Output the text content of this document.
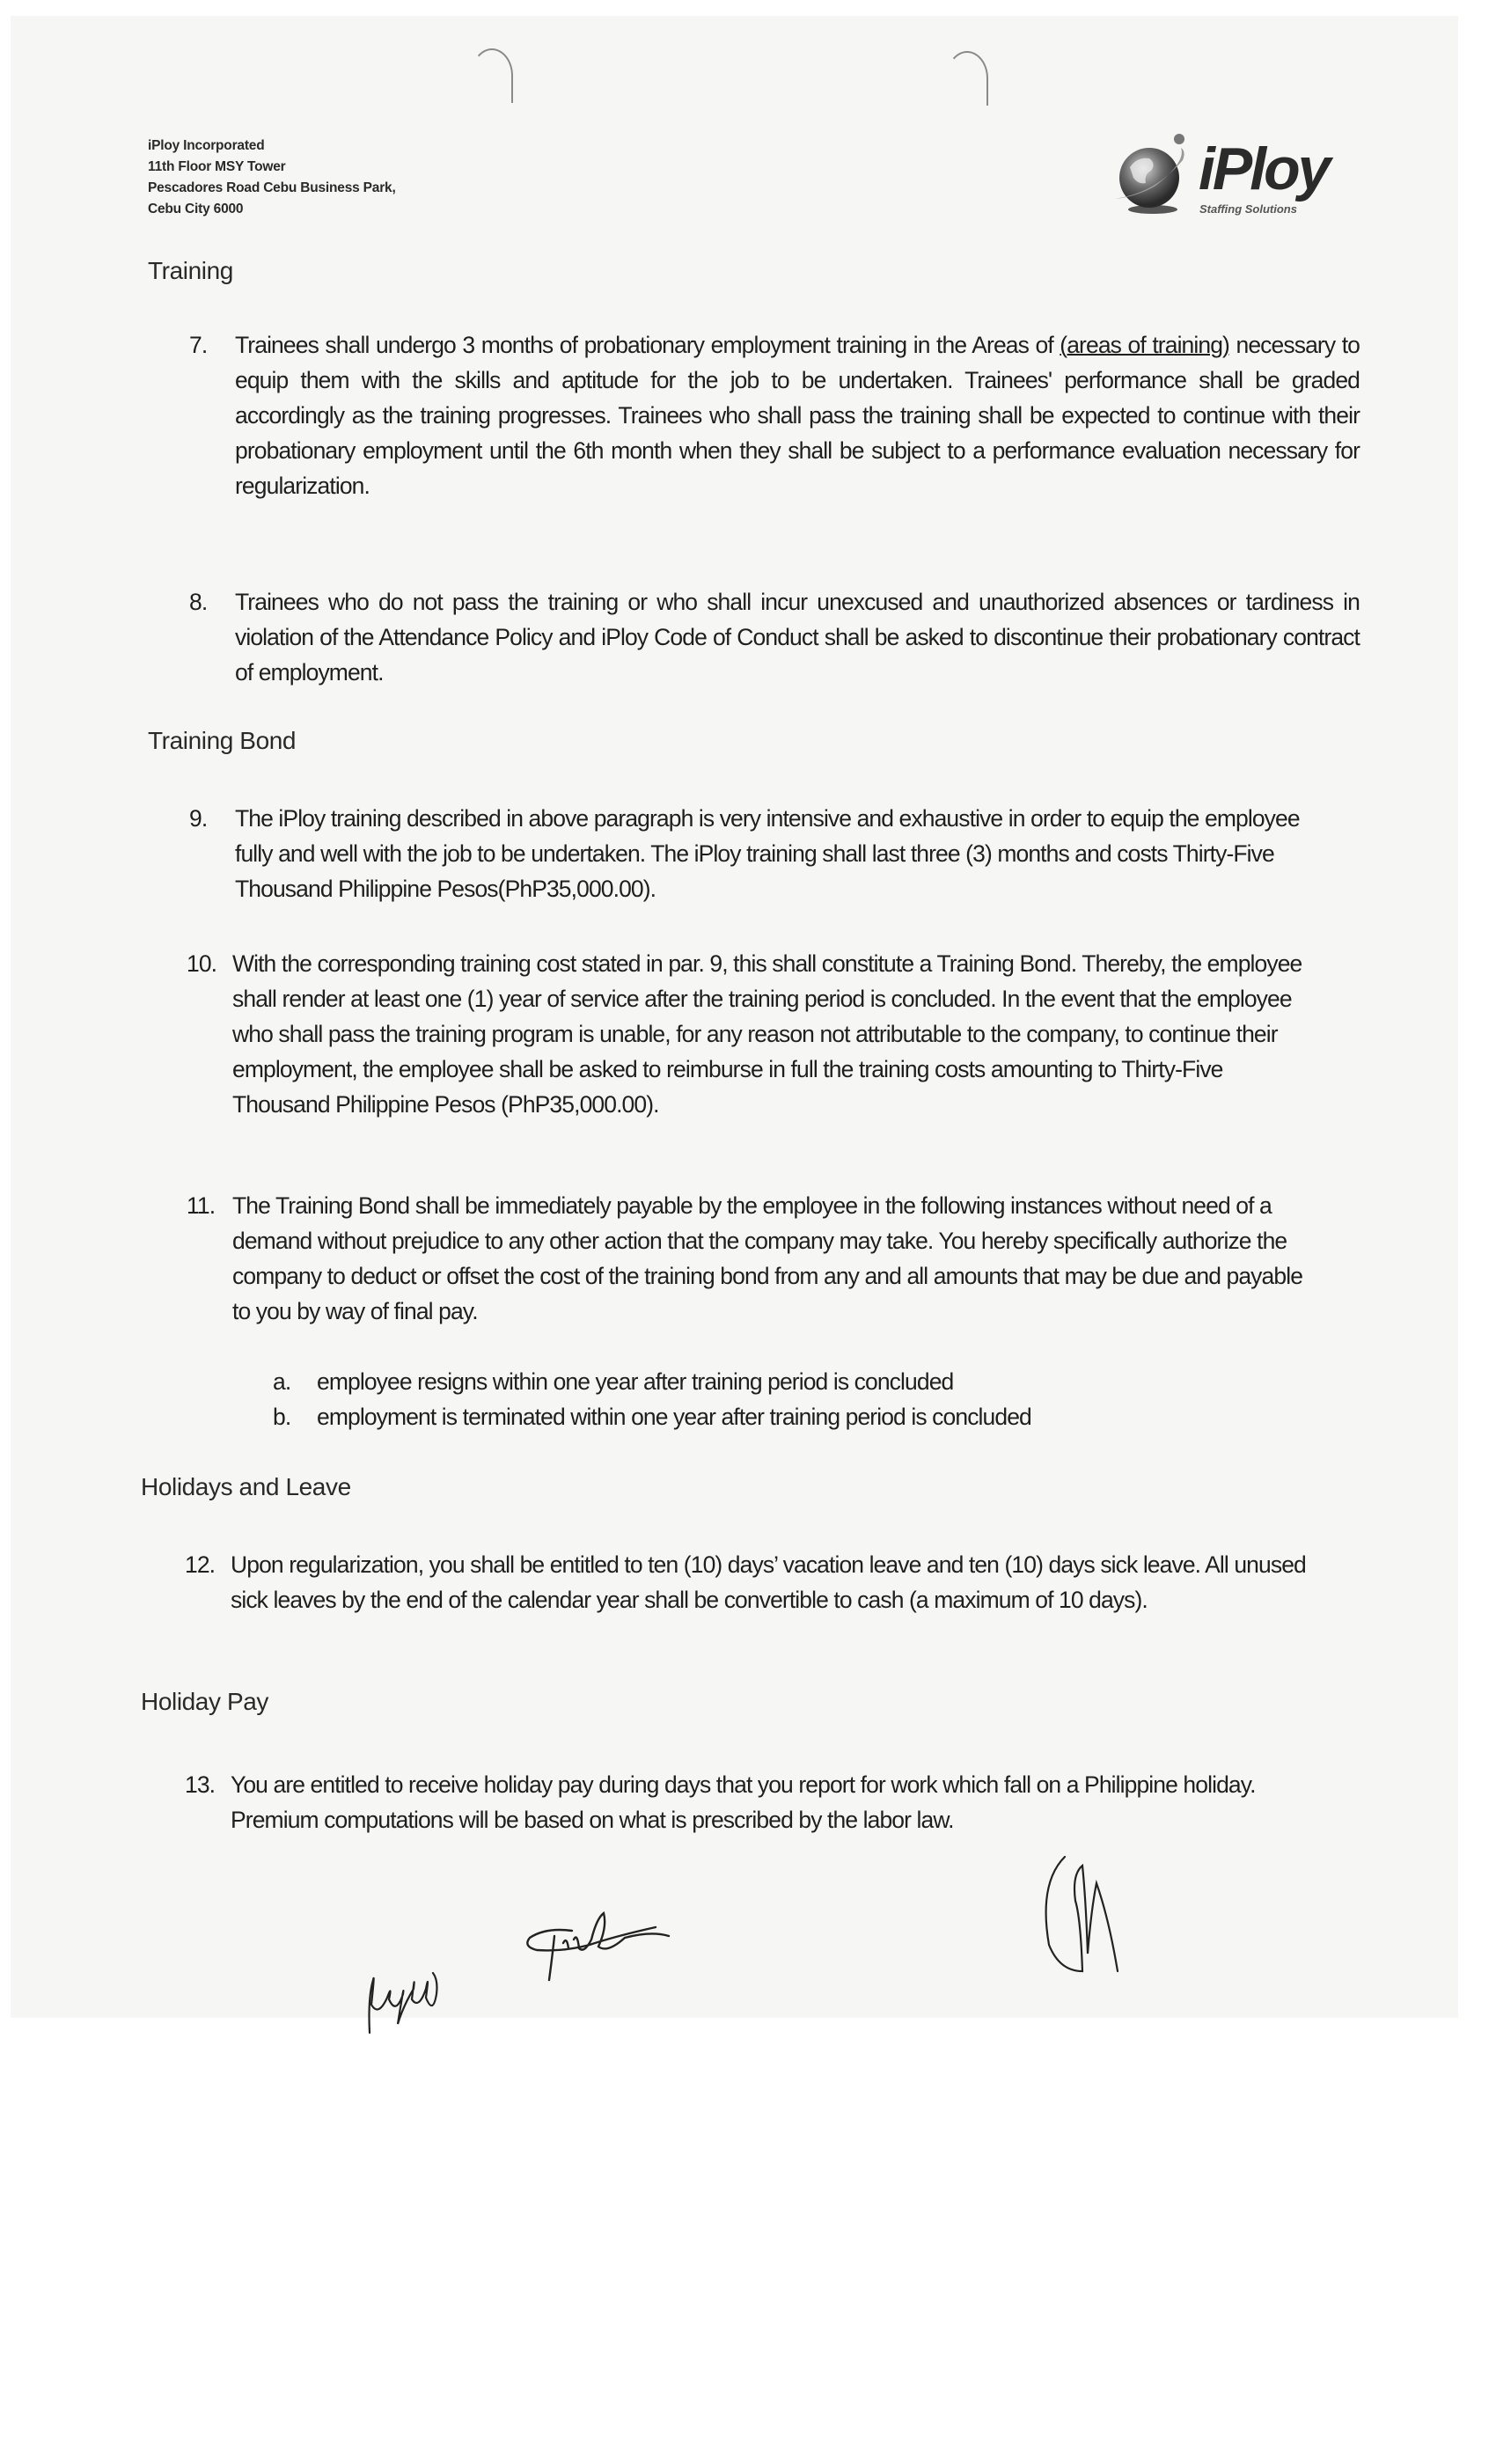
iPloy Incorporated
11th Floor MSY Tower
Pescadores Road Cebu Business Park,
Cebu City 6000
iPloy
Staffing Solutions
Training
7. Trainees shall undergo 3 months of probationary employment training in the Areas of (areas of training) necessary to equip them with the skills and aptitude for the job to be undertaken. Trainees' performance shall be graded accordingly as the training progresses. Trainees who shall pass the training shall be expected to continue with their probationary employment until the 6th month when they shall be subject to a performance evaluation necessary for regularization.
8. Trainees who do not pass the training or who shall incur unexcused and unauthorized absences or tardiness in violation of the Attendance Policy and iPloy Code of Conduct shall be asked to discontinue their probationary contract of employment.
Training Bond
9. The iPloy training described in above paragraph is very intensive and exhaustive in order to equip the employee fully and well with the job to be undertaken. The iPloy training shall last three (3) months and costs Thirty-Five Thousand Philippine Pesos(PhP35,000.00).
10. With the corresponding training cost stated in par. 9, this shall constitute a Training Bond. Thereby, the employee shall render at least one (1) year of service after the training period is concluded. In the event that the employee who shall pass the training program is unable, for any reason not attributable to the company, to continue their employment, the employee shall be asked to reimburse in full the training costs amounting to Thirty-Five Thousand Philippine Pesos (PhP35,000.00).
11. The Training Bond shall be immediately payable by the employee in the following instances without need of a demand without prejudice to any other action that the company may take. You hereby specifically authorize the company to deduct or offset the cost of the training bond from any and all amounts that may be due and payable to you by way of final pay.
a. employee resigns within one year after training period is concluded
b. employment is terminated within one year after training period is concluded
Holidays and Leave
12. Upon regularization, you shall be entitled to ten (10) days’ vacation leave and ten (10) days sick leave. All unused sick leaves by the end of the calendar year shall be convertible to cash (a maximum of 10 days).
Holiday Pay
13. You are entitled to receive holiday pay during days that you report for work which fall on a Philippine holiday. Premium computations will be based on what is prescribed by the labor law.
